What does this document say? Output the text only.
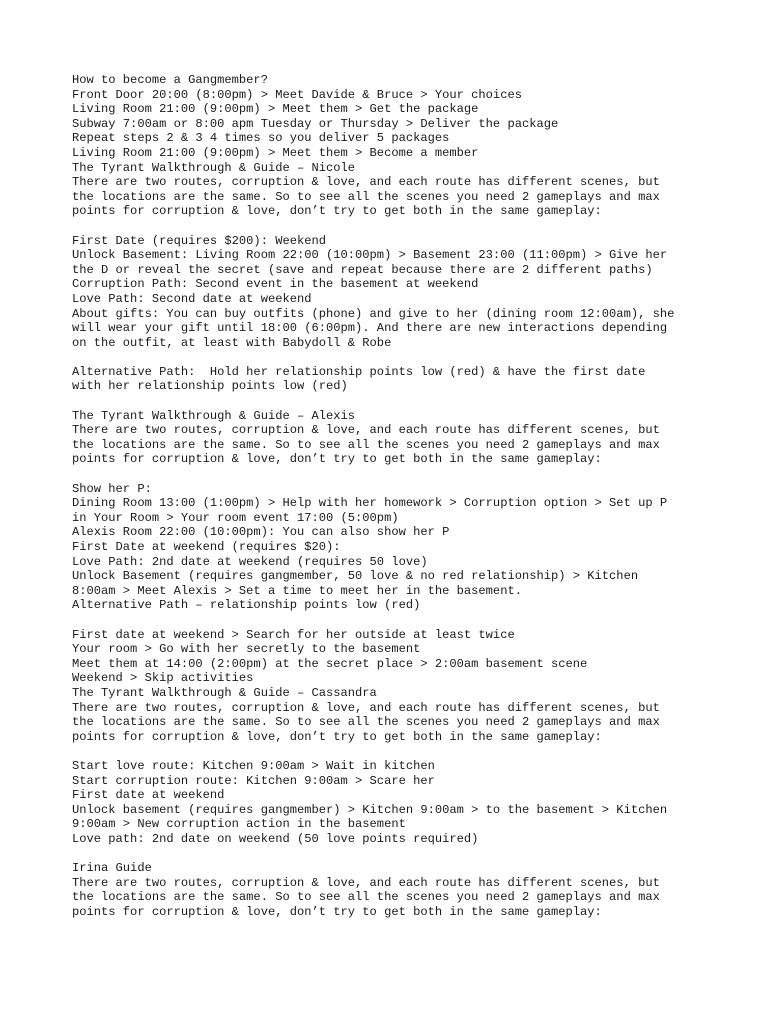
How to become a Gangmember?
Front Door 20:00 (8:00pm) > Meet Davide & Bruce > Your choices
Living Room 21:00 (9:00pm) > Meet them > Get the package
Subway 7:00am or 8:00 apm Tuesday or Thursday > Deliver the package
Repeat steps 2 & 3 4 times so you deliver 5 packages
Living Room 21:00 (9:00pm) > Meet them > Become a member
The Tyrant Walkthrough & Guide – Nicole
There are two routes, corruption & love, and each route has different scenes, but
the locations are the same. So to see all the scenes you need 2 gameplays and max
points for corruption & love, don’t try to get both in the same gameplay:
First Date (requires $200): Weekend
Unlock Basement: Living Room 22:00 (10:00pm) > Basement 23:00 (11:00pm) > Give her
the D or reveal the secret (save and repeat because there are 2 different paths)
Corruption Path: Second event in the basement at weekend
Love Path: Second date at weekend
About gifts: You can buy outfits (phone) and give to her (dining room 12:00am), she
will wear your gift until 18:00 (6:00pm). And there are new interactions depending
on the outfit, at least with Babydoll & Robe
Alternative Path:  Hold her relationship points low (red) & have the first date
with her relationship points low (red)
The Tyrant Walkthrough & Guide – Alexis
There are two routes, corruption & love, and each route has different scenes, but
the locations are the same. So to see all the scenes you need 2 gameplays and max
points for corruption & love, don’t try to get both in the same gameplay:
Show her P:
Dining Room 13:00 (1:00pm) > Help with her homework > Corruption option > Set up P
in Your Room > Your room event 17:00 (5:00pm)
Alexis Room 22:00 (10:00pm): You can also show her P
First Date at weekend (requires $20):
Love Path: 2nd date at weekend (requires 50 love)
Unlock Basement (requires gangmember, 50 love & no red relationship) > Kitchen
8:00am > Meet Alexis > Set a time to meet her in the basement.
Alternative Path – relationship points low (red)
First date at weekend > Search for her outside at least twice
Your room > Go with her secretly to the basement
Meet them at 14:00 (2:00pm) at the secret place > 2:00am basement scene
Weekend > Skip activities
The Tyrant Walkthrough & Guide – Cassandra
There are two routes, corruption & love, and each route has different scenes, but
the locations are the same. So to see all the scenes you need 2 gameplays and max
points for corruption & love, don’t try to get both in the same gameplay:
Start love route: Kitchen 9:00am > Wait in kitchen
Start corruption route: Kitchen 9:00am > Scare her
First date at weekend
Unlock basement (requires gangmember) > Kitchen 9:00am > to the basement > Kitchen
9:00am > New corruption action in the basement
Love path: 2nd date on weekend (50 love points required)
Irina Guide
There are two routes, corruption & love, and each route has different scenes, but
the locations are the same. So to see all the scenes you need 2 gameplays and max
points for corruption & love, don’t try to get both in the same gameplay:
